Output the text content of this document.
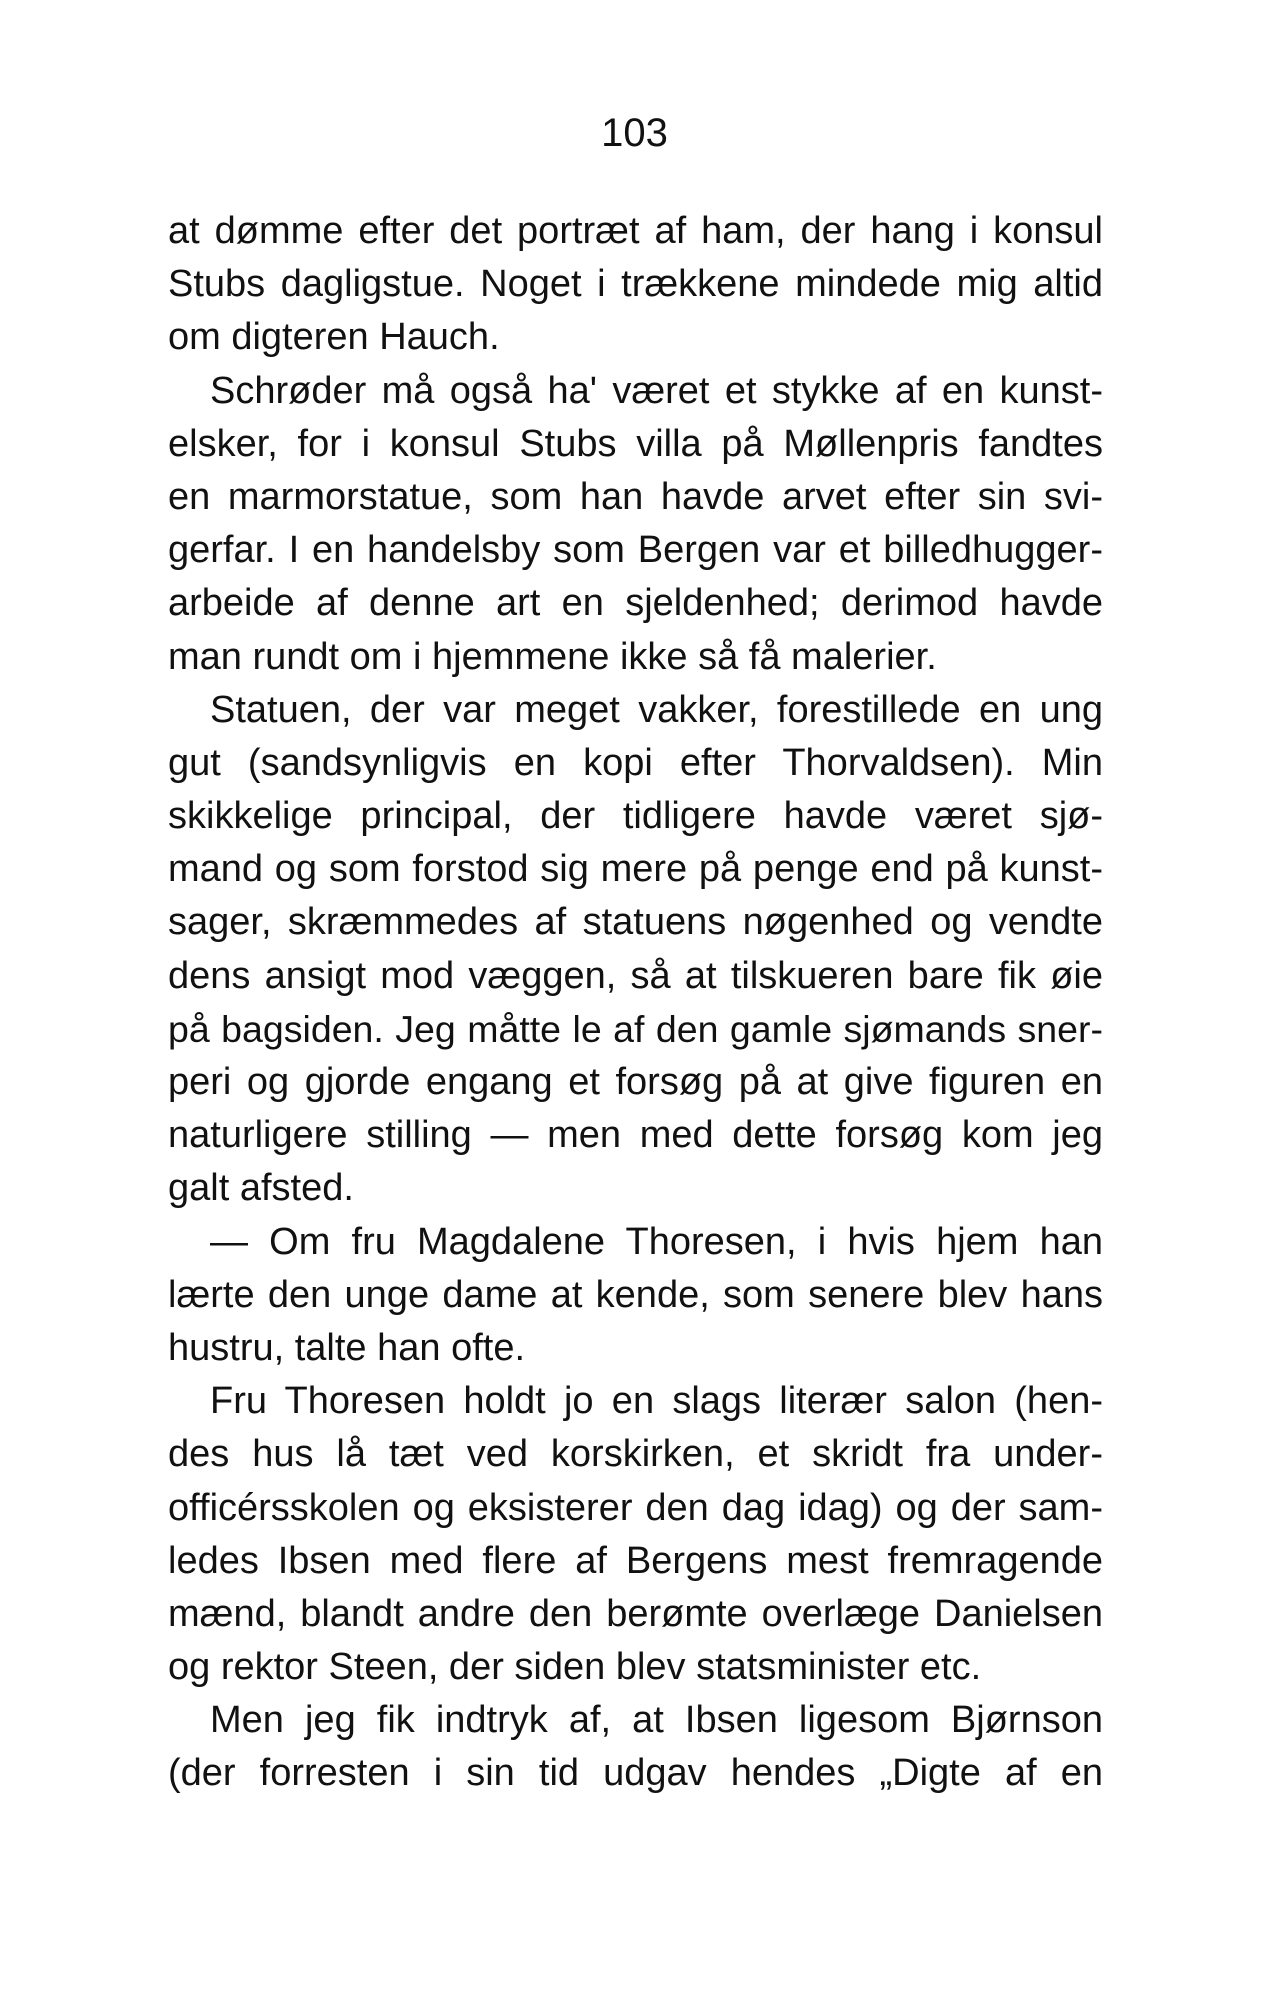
103
at dømme efter det portræt af ham, der hang i konsul
Stubs dagligstue. Noget i trækkene mindede mig altid
om digteren Hauch.
Schrøder må også ha' været et stykke af en kunst-
elsker, for i konsul Stubs villa på Møllenpris fandtes
en marmorstatue, som han havde arvet efter sin svi-
gerfar. I en handelsby som Bergen var et billedhugger-
arbeide af denne art en sjeldenhed; derimod havde
man rundt om i hjemmene ikke så få malerier.
Statuen, der var meget vakker, forestillede en ung
gut (sandsynligvis en kopi efter Thorvaldsen). Min
skikkelige principal, der tidligere havde været sjø-
mand og som forstod sig mere på penge end på kunst-
sager, skræmmedes af statuens nøgenhed og vendte
dens ansigt mod væggen, så at tilskueren bare fik øie
på bagsiden. Jeg måtte le af den gamle sjømands sner-
peri og gjorde engang et forsøg på at give figuren en
naturligere stilling — men med dette forsøg kom jeg
galt afsted.
— Om fru Magdalene Thoresen, i hvis hjem han
lærte den unge dame at kende, som senere blev hans
hustru, talte han ofte.
Fru Thoresen holdt jo en slags literær salon (hen-
des hus lå tæt ved korskirken, et skridt fra under-
officérsskolen og eksisterer den dag idag) og der sam-
ledes Ibsen med flere af Bergens mest fremragende
mænd, blandt andre den berømte overlæge Danielsen
og rektor Steen, der siden blev statsminister etc.
Men jeg fik indtryk af, at Ibsen ligesom Bjørnson
(der forresten i sin tid udgav hendes „Digte af en
